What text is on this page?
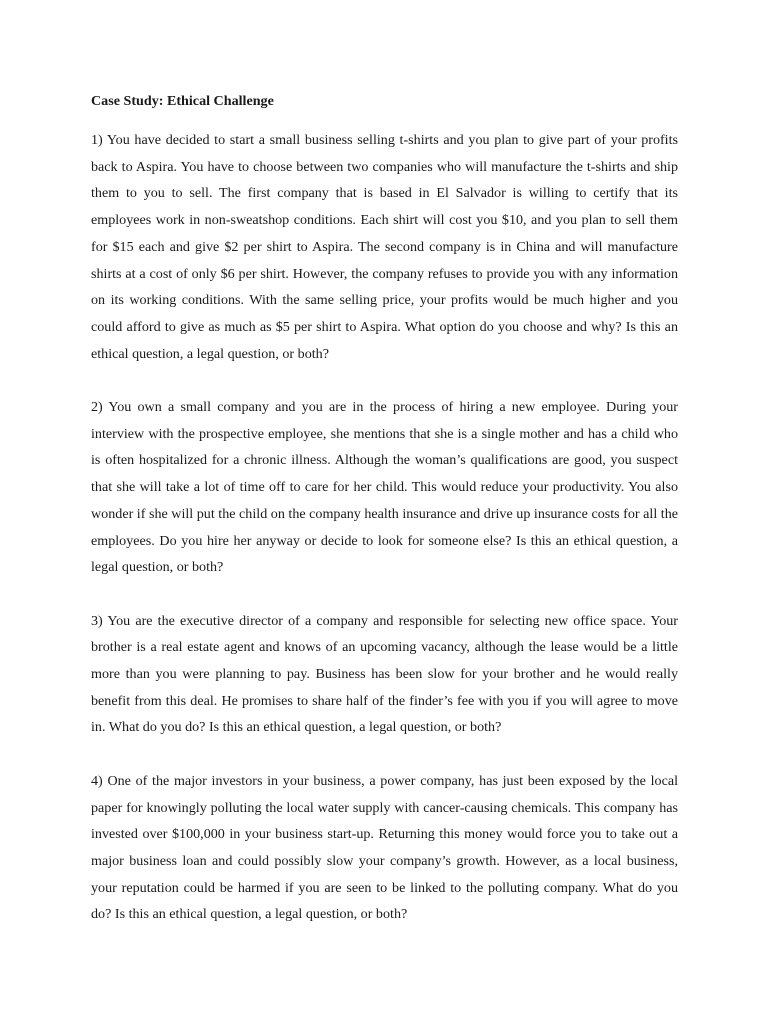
Case Study: Ethical Challenge

1) You have decided to start a small business selling t-shirts and you plan to give part of your profits back to Aspira. You have to choose between two companies who will manufacture the t-shirts and ship them to you to sell. The first company that is based in El Salvador is willing to certify that its employees work in non-sweatshop conditions. Each shirt will cost you $10, and you plan to sell them for $15 each and give $2 per shirt to Aspira. The second company is in China and will manufacture shirts at a cost of only $6 per shirt. However, the company refuses to provide you with any information on its working conditions. With the same selling price, your profits would be much higher and you could afford to give as much as $5 per shirt to Aspira. What option do you choose and why? Is this an ethical question, a legal question, or both?

2) You own a small company and you are in the process of hiring a new employee. During your interview with the prospective employee, she mentions that she is a single mother and has a child who is often hospitalized for a chronic illness. Although the woman’s qualifications are good, you suspect that she will take a lot of time off to care for her child. This would reduce your productivity. You also wonder if she will put the child on the company health insurance and drive up insurance costs for all the employees. Do you hire her anyway or decide to look for someone else? Is this an ethical question, a legal question, or both?

3) You are the executive director of a company and responsible for selecting new office space. Your brother is a real estate agent and knows of an upcoming vacancy, although the lease would be a little more than you were planning to pay. Business has been slow for your brother and he would really benefit from this deal. He promises to share half of the finder’s fee with you if you will agree to move in. What do you do? Is this an ethical question, a legal question, or both?

4) One of the major investors in your business, a power company, has just been exposed by the local paper for knowingly polluting the local water supply with cancer-causing chemicals. This company has invested over $100,000 in your business start-up. Returning this money would force you to take out a major business loan and could possibly slow your company’s growth. However, as a local business, your reputation could be harmed if you are seen to be linked to the polluting company. What do you do? Is this an ethical question, a legal question, or both?
